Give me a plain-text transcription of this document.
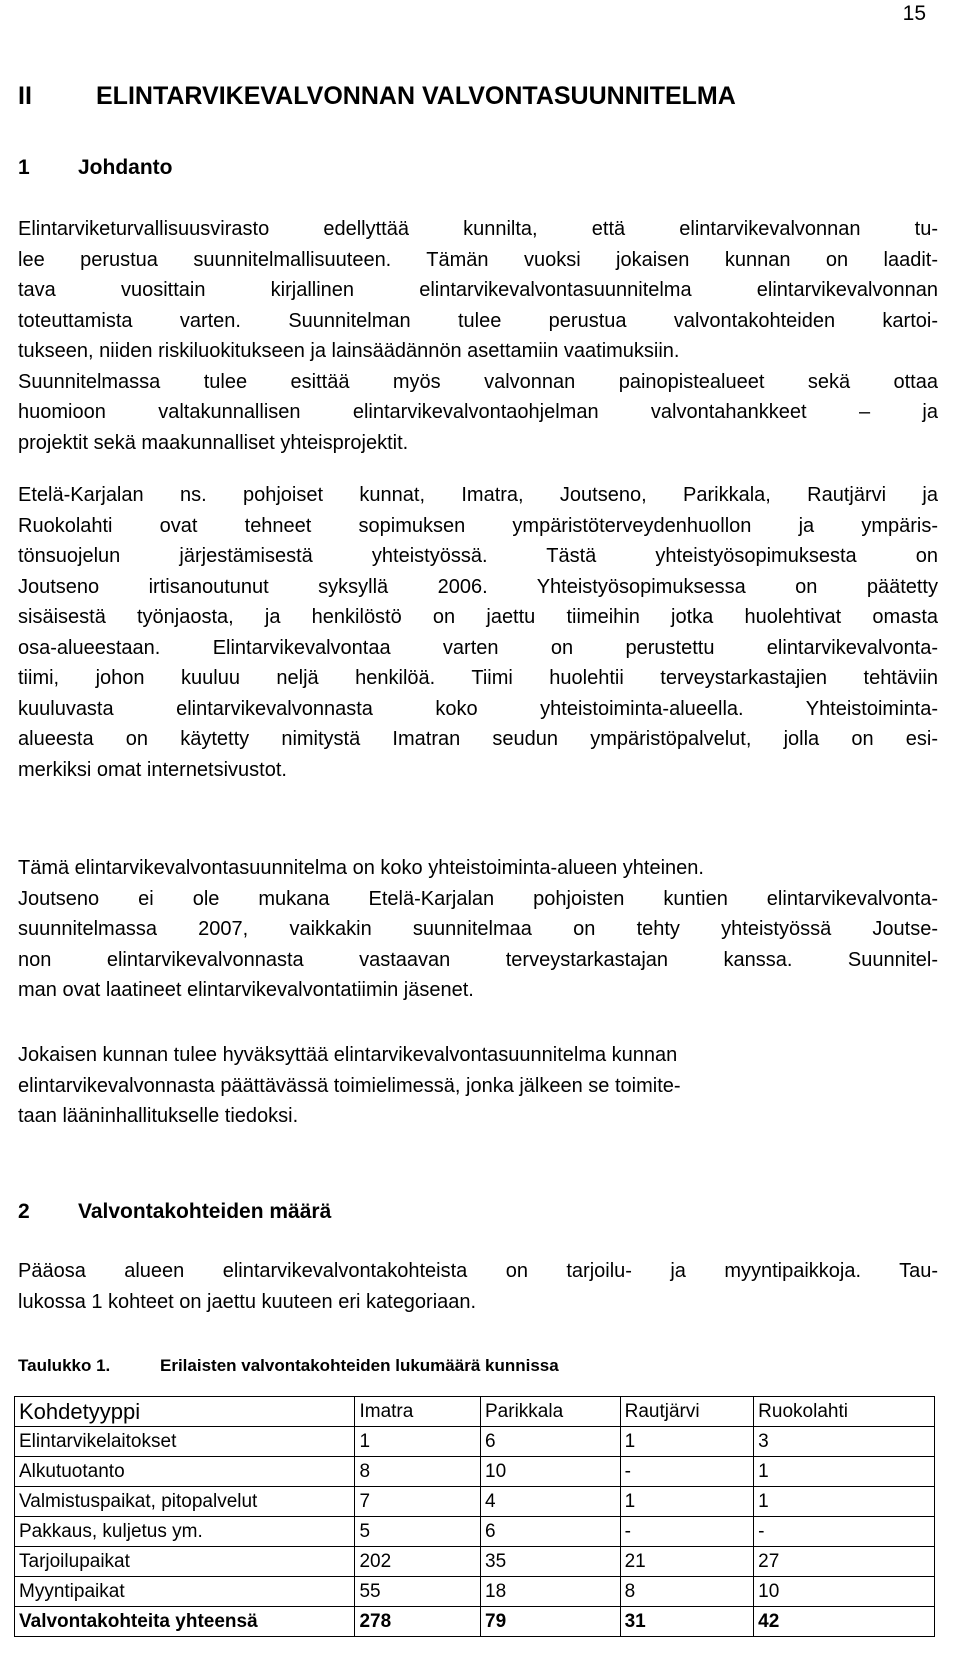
15
II	ELINTARVIKEVALVONNAN VALVONTASUUNNITELMA
1 Johdanto
Elintarviketurvallisuusvirasto edellyttää kunnilta, että elintarvikevalvonnan tu-
lee perustua suunnitelmallisuuteen. Tämän vuoksi jokaisen kunnan on laadit-
tava vuosittain kirjallinen elintarvikevalvontasuunnitelma elintarvikevalvonnan
toteuttamista varten. Suunnitelman tulee perustua valvontakohteiden kartoi-
tukseen, niiden riskiluokitukseen ja lainsäädännön asettamiin vaatimuksiin.
Suunnitelmassa tulee esittää myös valvonnan painopistealueet sekä ottaa
huomioon valtakunnallisen elintarvikevalvontaohjelman valvontahankkeet – ja
projektit sekä maakunnalliset yhteisprojektit.
Etelä-Karjalan ns. pohjoiset kunnat, Imatra, Joutseno, Parikkala, Rautjärvi ja
Ruokolahti ovat tehneet sopimuksen ympäristöterveydenhuollon ja ympäris-
tönsuojelun järjestämisestä yhteistyössä. Tästä yhteistyösopimuksesta on
Joutseno irtisanoutunut syksyllä 2006. Yhteistyösopimuksessa on päätetty
sisäisestä työnjaosta, ja henkilöstö on jaettu tiimeihin jotka huolehtivat omasta
osa-alueestaan. Elintarvikevalvontaa varten on perustettu elintarvikevalvonta-
tiimi, johon kuuluu neljä henkilöä. Tiimi huolehtii terveystarkastajien tehtäviin
kuuluvasta elintarvikevalvonnasta koko yhteistoiminta-alueella. Yhteistoiminta-
alueesta on käytetty nimitystä Imatran seudun ympäristöpalvelut, jolla on esi-
merkiksi omat internetsivustot.
Tämä elintarvikevalvontasuunnitelma on koko yhteistoiminta-alueen yhteinen.
Joutseno ei ole mukana Etelä-Karjalan pohjoisten kuntien elintarvikevalvonta-
suunnitelmassa 2007, vaikkakin suunnitelmaa on tehty yhteistyössä Joutse-
non elintarvikevalvonnasta vastaavan terveystarkastajan kanssa. Suunnitel-
man ovat laatineet elintarvikevalvontatiimin jäsenet.
Jokaisen kunnan tulee hyväksyttää elintarvikevalvontasuunnitelma kunnan
elintarvikevalvonnasta päättävässä toimielimessä, jonka jälkeen se toimite-
taan lääninhallitukselle tiedoksi.
2 Valvontakohteiden määrä
Pääosa alueen elintarvikevalvontakohteista on tarjoilu- ja myyntipaikkoja. Tau-
lukossa 1 kohteet on jaettu kuuteen eri kategoriaan.
Taulukko 1.	Erilaisten valvontakohteiden lukumäärä kunnissa
Kohdetyyppi	Imatra	Parikkala	Rautjärvi	Ruokolahti
Elintarvikelaitokset	1	6	1	3
Alkutuotanto	8	10	-	1
Valmistuspaikat, pitopalvelut	7	4	1	1
Pakkaus, kuljetus ym.	5	6	-	-
Tarjoilupaikat	202	35	21	27
Myyntipaikat	55	18	8	10
Valvontakohteita yhteensä	278	79	31	42
